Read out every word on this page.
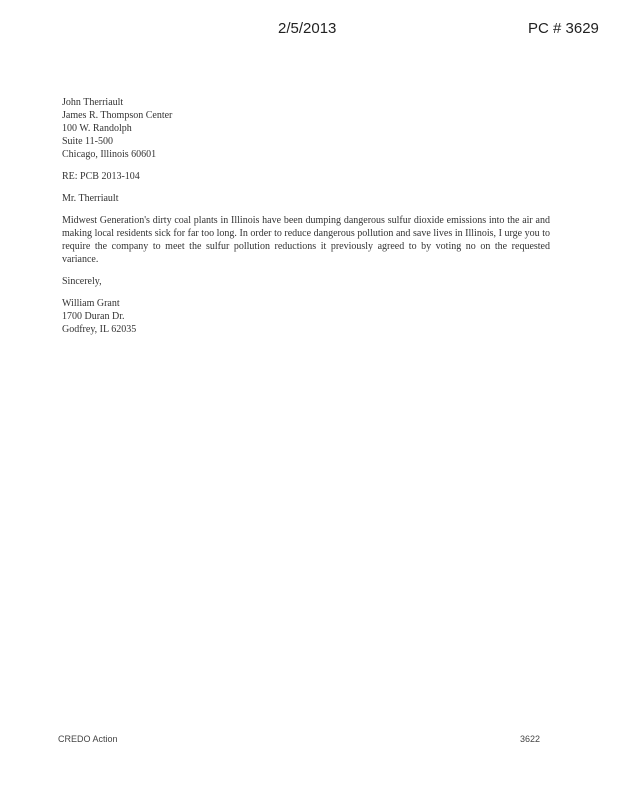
2/5/2013	PC # 3629
John Therriault
James R. Thompson Center
100 W. Randolph
Suite 11-500
Chicago, Illinois 60601
RE: PCB 2013-104
Mr. Therriault
Midwest Generation's dirty coal plants in Illinois have been dumping dangerous sulfur dioxide emissions into the air and making local residents sick for far too long. In order to reduce dangerous pollution and save lives in Illinois, I urge you to require the company to meet the sulfur pollution reductions it previously agreed to by voting no on the requested variance.
Sincerely,
William Grant
1700 Duran Dr.
Godfrey, IL 62035
CREDO Action	3622
